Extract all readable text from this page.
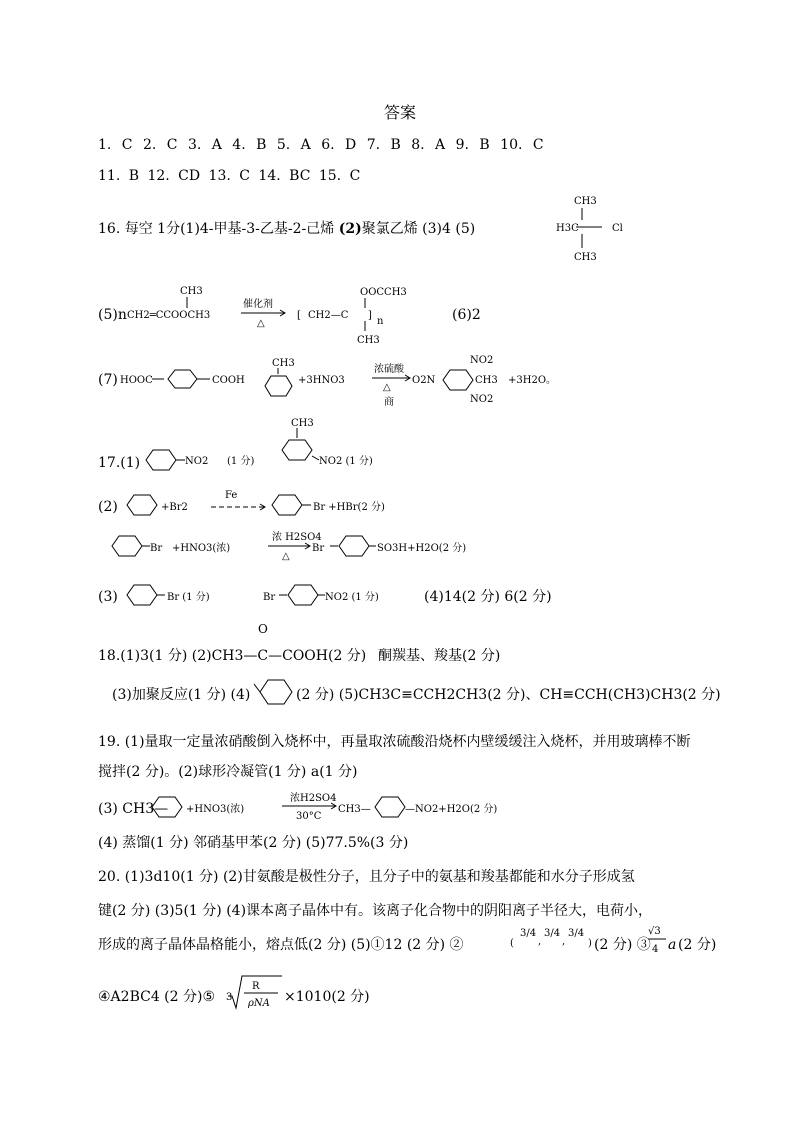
答案
1. C 2. C 3. A 4. B 5. A 6. D 7. B 8. A 9. B 10. C
11. B 12. CD 13. C 14. BC 15. C
16. 每空 1分(1)4-甲基-3-乙基-2-己烯 (2)聚氯乙烯 (3)4 (5)
CH3
H3C	Cl
CH3
(5)n
CH3
CH2═CCOOCH3
催化剂
△
OOCCH3
[ CH2—C ]
n
CH3
(6)2
(7) HOOC	COOH
CH3
+3HNO3
浓硫酸
△
商
O2N
NO2
CH3
NO2
+3H2O。
17.(1)	NO2 (1 分)
CH3
NO2 (1 分)
(2)	+Br2
Fe
Br +HBr(2 分)
Br +HNO3(浓)
浓 H2SO4
△
Br	SO3H+H2O(2 分)
(3)	Br (1 分)	Br	NO2 (1 分)	(4)14(2 分) 6(2 分)
18.(1)3(1 分) (2)CH3—C—COOH(2 分)
O
酮羰基、羧基(2 分)
(3)加聚反应(1 分) (4)	(2 分) (5)CH3C≡CCH2CH3(2 分)、CH≡CCH(CH3)CH3(2 分)
19. (1)量取一定量浓硝酸倒入烧杯中，再量取浓硫酸沿烧杯内壁缓缓注入烧杯，并用玻璃棒不断
搅拌(2 分)。(2)球形冷凝管(1 分) a(1 分)
(3) CH3— +HNO3(浓)
浓H2SO4
30°C
CH3—	—NO2+H2O(2 分)
(4) 蒸馏(1 分) 邻硝基甲苯(2 分) (5)77.5%(3 分)
20. (1)3d10(1 分) (2)甘氨酸是极性分子，且分子中的氨基和羧基都能和水分子形成氢
键(2 分) (3)5(1 分) (4)课本离子晶体中有。该离子化合物中的阴阳离子半径大，电荷小，
形成的离子晶体晶格能小，熔点低(2 分) (5)①12 (2 分) ②	(
3/4
,
3/4
,
3/4
) (2 分) ③
√3
4 a (2 分)
④A2BC4 (2 分)⑤ 3
R
ρNA ×1010(2 分)
